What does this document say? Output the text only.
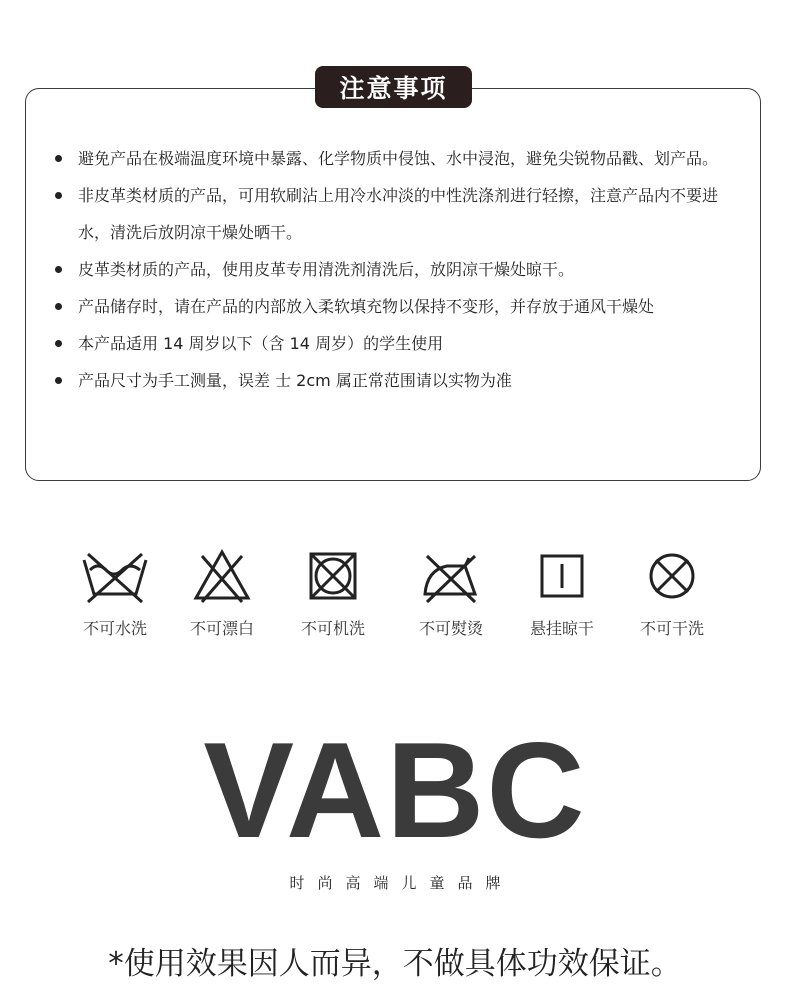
注意事项
避免产品在极端温度环境中暴露、化学物质中侵蚀、水中浸泡，避免尖锐物品戳、划产品。
非皮革类材质的产品，可用软刷沾上用冷水冲淡的中性洗涤剂进行轻擦，注意产品内不要进水，清洗后放阴凉干燥处晒干。
皮革类材质的产品，使用皮革专用清洗剂清洗后，放阴凉干燥处晾干。
产品储存时，请在产品的内部放入柔软填充物以保持不变形，并存放于通风干燥处
本产品适用 14 周岁以下（含 14 周岁）的学生使用
产品尺寸为手工测量，误差 士 2cm 属正常范围请以实物为准
不可水洗	不可漂白	不可机洗	不可熨烫	悬挂晾干	不可干洗
VABC
时尚高端儿童品牌
*使用效果因人而异，不做具体功效保证。
